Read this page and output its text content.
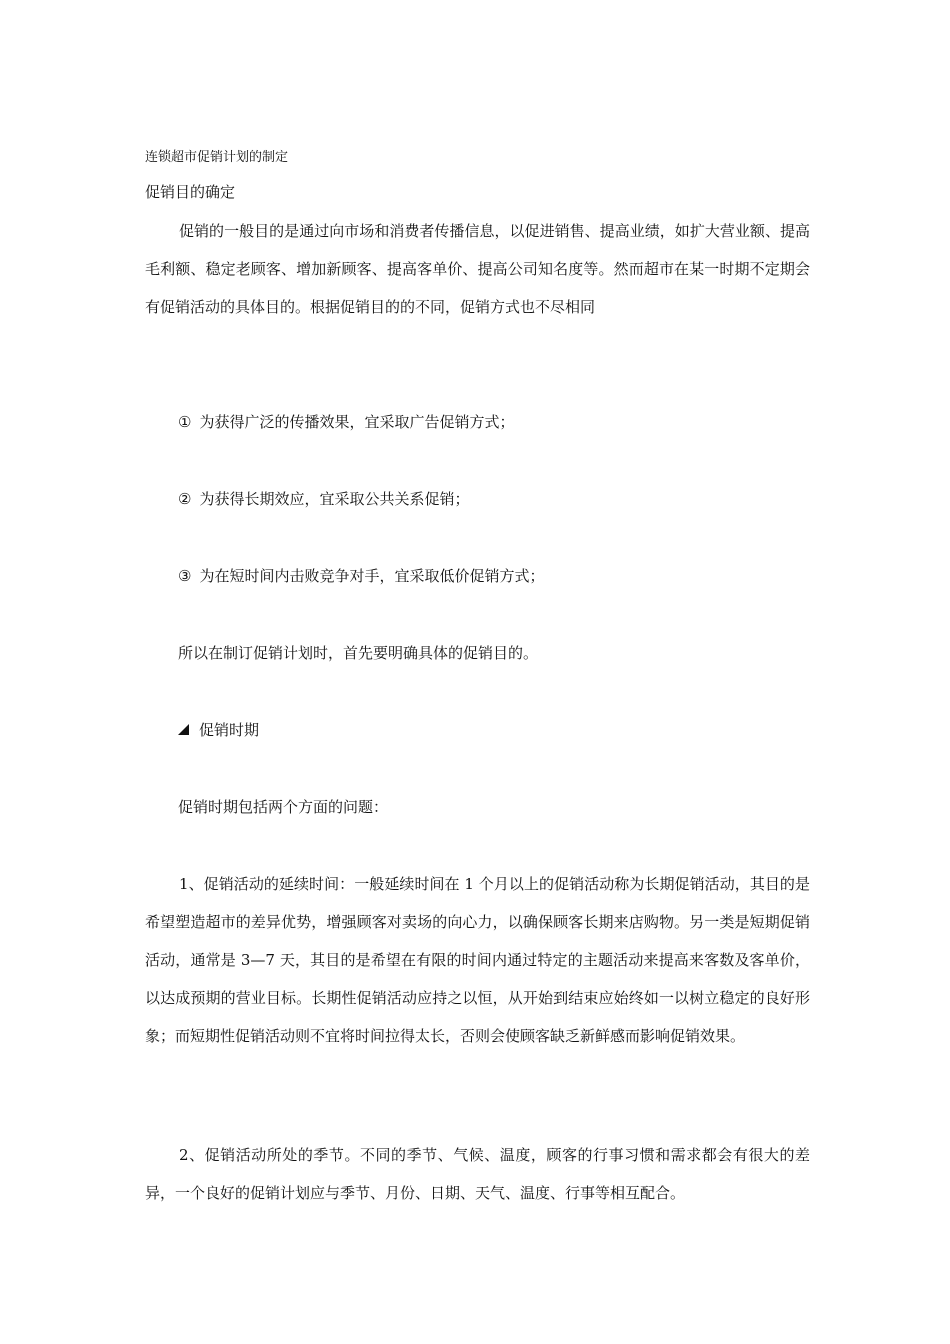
连锁超市促销计划的制定
促销目的确定

促销的一般目的是通过向市场和消费者传播信息，以促进销售、提高业绩，如扩大营业额、提高毛利额、稳定老顾客、增加新顾客、提高客单价、提高公司知名度等。然而超市在某一时期不定期会有促销活动的具体目的。根据促销目的的不同，促销方式也不尽相同

① 为获得广泛的传播效果，宜采取广告促销方式；
② 为获得长期效应，宜采取公共关系促销；
③ 为在短时间内击败竞争对手，宜采取低价促销方式；
所以在制订促销计划时，首先要明确具体的促销目的。
促销时期
促销时期包括两个方面的问题：

1、促销活动的延续时间：一般延续时间在 1 个月以上的促销活动称为长期促销活动，其目的是希望塑造超市的差异优势，增强顾客对卖场的向心力，以确保顾客长期来店购物。另一类是短期促销活动，通常是 3—7 天，其目的是希望在有限的时间内通过特定的主题活动来提高来客数及客单价，以达成预期的营业目标。长期性促销活动应持之以恒，从开始到结束应始终如一以树立稳定的良好形象；而短期性促销活动则不宜将时间拉得太长，否则会使顾客缺乏新鲜感而影响促销效果。

2、促销活动所处的季节。不同的季节、气候、温度，顾客的行事习惯和需求都会有很大的差异，一个良好的促销计划应与季节、月份、日期、天气、温度、行事等相互配合。
